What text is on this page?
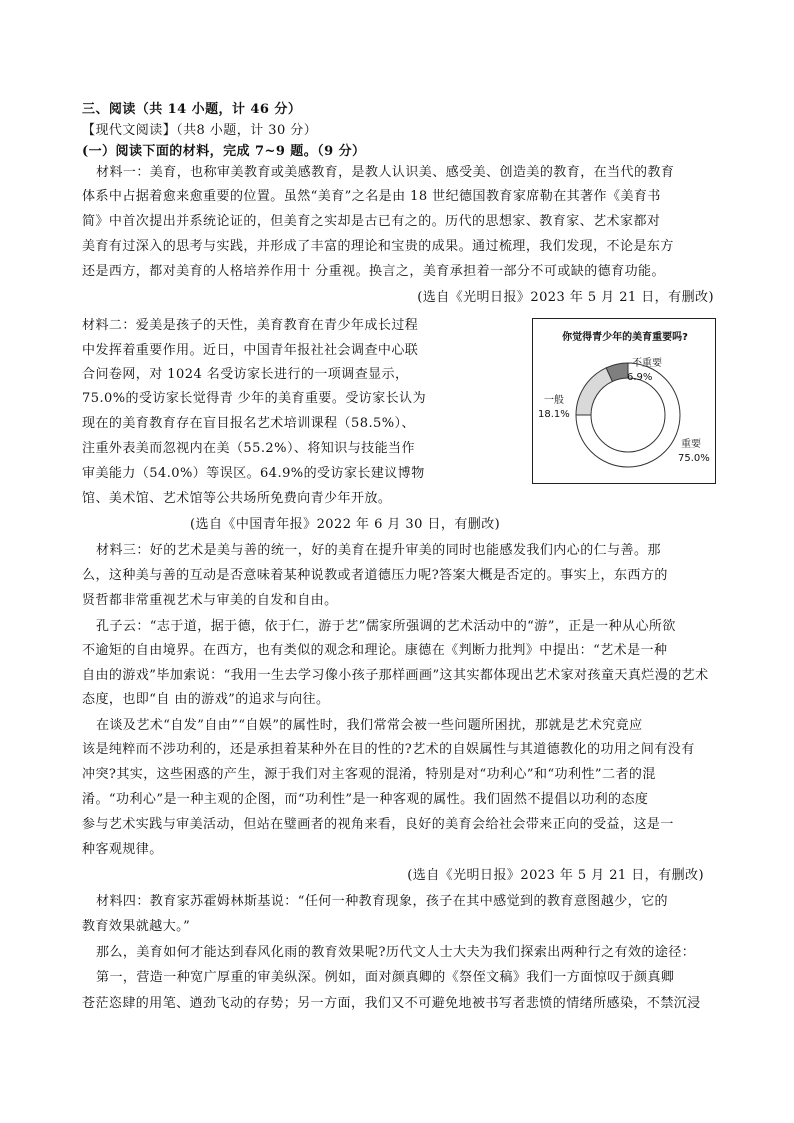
三、阅读（共 14 小题，计 46 分）
【现代文阅读】（共8 小题，计 30 分）
(一）阅读下面的材料，完成 7~9 题。（9 分）
材料一：美育，也称审美教育或美感教育，是教人认识美、感受美、创造美的教育，在当代的教育
体系中占据着愈来愈重要的位置。虽然“美育”之名是由 18 世纪德国教育家席勒在其著作《美育书
简》中首次提出并系统论证的，但美育之实却是古已有之的。历代的思想家、教育家、艺术家都对
美育有过深入的思考与实践，并形成了丰富的理论和宝贵的成果。通过梳理，我们发现，不论是东方
还是西方，都对美育的人格培养作用十 分重视。换言之，美育承担着一部分不可或缺的德育功能。
(选自《光明日报》2023 年 5 月 21 日，有删改)
材料二：爱美是孩子的天性，美育教育在青少年成长过程
中发挥着重要作用。近日，中国青年报社社会调查中心联
合问卷网，对 1024 名受访家长进行的一项调查显示，
75.0%的受访家长觉得青 少年的美育重要。受访家长认为
现在的美育教育存在盲目报名艺术培训课程（58.5%）、
注重外表美而忽视内在美（55.2%）、将知识与技能当作
审美能力（54.0%）等误区。64.9%的受访家长建议博物
馆、美术馆、艺术馆等公共场所免费向青少年开放。
(选自《中国青年报》2022 年 6 月 30 日，有删改)
你觉得青少年的美育重要吗?
不重要
6.9%
一般
18.1%
重要
75.0%
材料三：好的艺术是美与善的统一，好的美育在提升审美的同时也能感发我们内心的仁与善。那
么，这种美与善的互动是否意味着某种说教或者道德压力呢?答案大概是否定的。事实上，东西方的
贤哲都非常重视艺术与审美的自发和自由。
孔子云：“志于道，据于德，依于仁，游于艺”儒家所强调的艺术活动中的“游”，正是一种从心所欲
不逾矩的自由境界。在西方，也有类似的观念和理论。康德在《判断力批判》中提出：“艺术是一种
自由的游戏”毕加索说：“我用一生去学习像小孩子那样画画”这其实都体现出艺术家对孩童天真烂漫的艺术
态度，也即“自 由的游戏”的追求与向往。
在谈及艺术“自发”自由”“自娱”的属性时，我们常常会被一些问题所困扰，那就是艺术究竟应
该是纯粹而不涉功利的，还是承担着某种外在目的性的?艺术的自娱属性与其道德教化的功用之间有没有
冲突?其实，这些困惑的产生，源于我们对主客观的混淆，特别是对“功利心”和“功利性”二者的混
淆。“功利心”是一种主观的企图，而“功利性”是一种客观的属性。我们固然不提倡以功利的态度
参与艺术实践与审美活动，但站在璧画者的视角来看，良好的美育会给社会带来正向的受益，这是一
种客观规律。
(选自《光明日报》2023 年 5 月 21 日，有删改)
材料四：教育家苏霍姆林斯基说：“任何一种教育现象，孩子在其中感觉到的教育意图越少，它的
教育效果就越大。”
那么，美育如何才能达到春风化雨的教育效果呢?历代文人士大夫为我们探索出两种行之有效的途径：
第一，营造一种宽广厚重的审美纵深。例如，面对颜真卿的《祭侄文稿》我们一方面惊叹于颜真卿
苍茫恣肆的用笔、遒劲飞动的存势；另一方面，我们又不可避免地被书写者悲愤的情绪所感染，不禁沉浸
